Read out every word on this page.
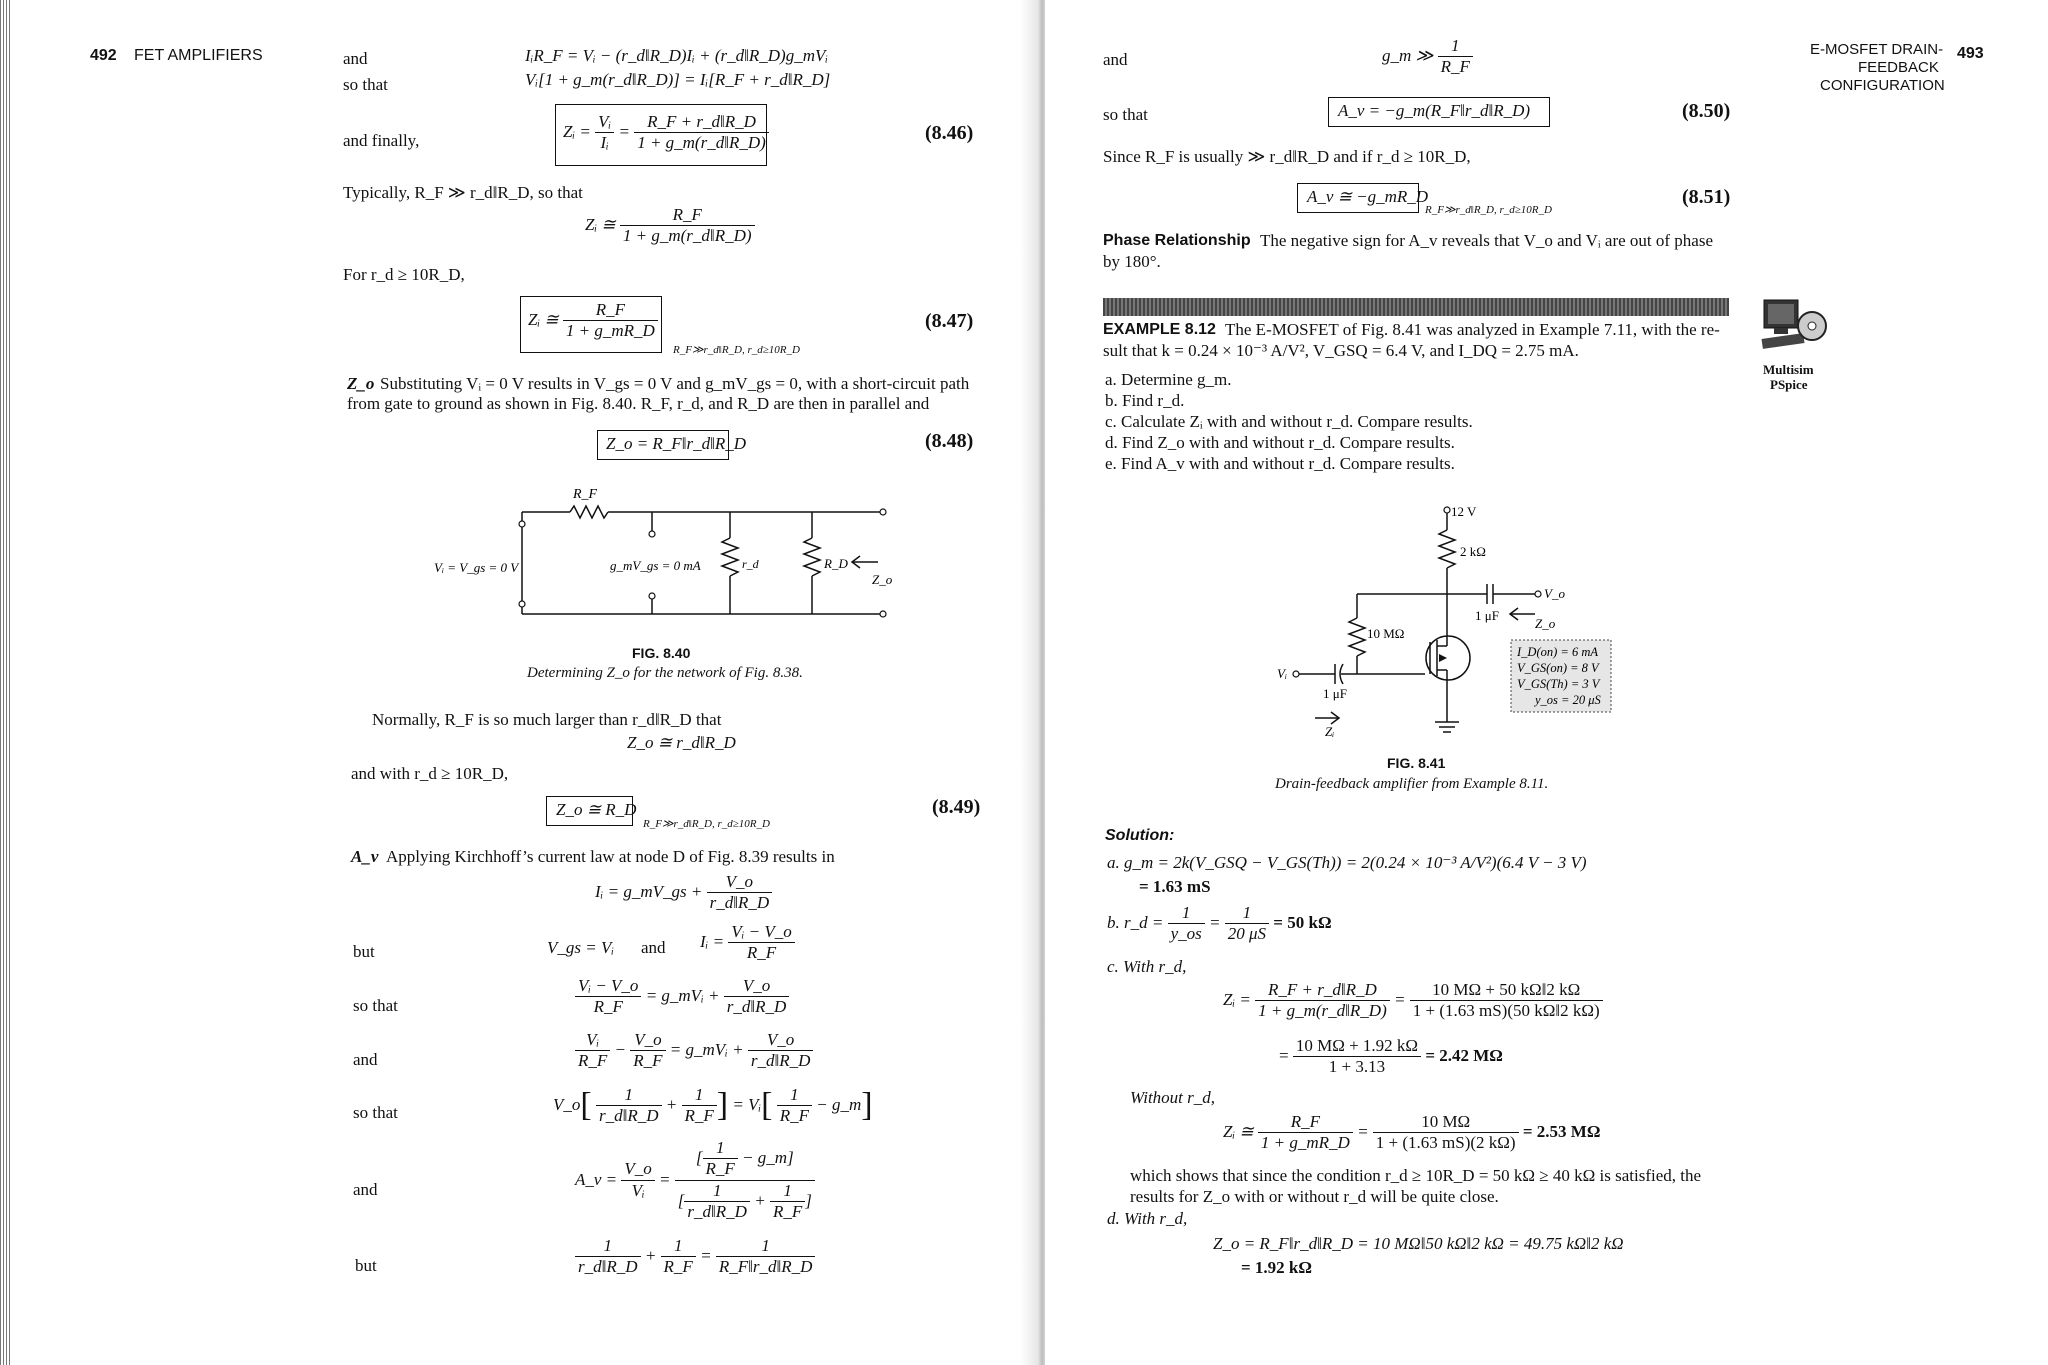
492 FET AMPLIFIERS	and	IᵢR_F = Vᵢ − (r_d‖R_D)Iᵢ + (r_d‖R_D)g_mVᵢ
so that	Vᵢ[1 + g_m(r_d‖R_D)] = Iᵢ[R_F + r_d‖R_D]
and finally,	Zᵢ = $\frac{\text{Vᵢ}}{\text{Iᵢ}} = \frac{R\_F + r\_d‖R\_D}{1 + g\_m(r\_d‖R\_D)}$	(8.46)
Typically, R_F ≫ r_d‖R_D, so that
Zᵢ ≅ $\frac{R\_F}{1 + g\_m(r\_d‖R\_D)}$
For r_d ≥ 10R_D,
Zᵢ ≅ $\frac{R\_F}{1 + g\_mR\_D}$
R_F≫r_d‖R_D, r_d≥10R_D
(8.47)
Z_o Substituting Vᵢ = 0 V results in V_gs = 0 V and g_mV_gs = 0, with a short-circuit path
from gate to ground as shown in Fig. 8.40. R_F, r_d, and R_D are then in parallel and
Z_o = R_F‖r_d‖R_D	(8.48)
R_F
Vᵢ = V_gs = 0 V	g_mV_gs = 0 mA	r_d	R_D
Z_o
FIG. 8.40
Determining Z_o for the network of Fig. 8.38.
Normally, R_F is so much larger than r_d‖R_D that
Z_o ≅ r_d‖R_D
and with r_d ≥ 10R_D,
Z_o ≅ R_D
R_F≫r_d‖R_D, r_d≥10R_D
(8.49)
A_v Applying Kirchhoff’s current law at node D of Fig. 8.39 results in
Iᵢ = g_mV_gs + $\frac{V\_o}{r\_d‖R\_D}$
but	V_gs = Vᵢ and Iᵢ = $\frac{\text{Vᵢ − V\_o}}{R\_F}$
so that	$\frac{\text{Vᵢ − V\_o}}{R\_F}$ = g_mVᵢ + $\frac{V\_o}{r\_d‖R\_D}$
and	$\frac{\text{Vᵢ}}{R\_F} - \frac{V\_o}{R\_F}$ = g_mVᵢ + $\frac{V\_o}{r\_d‖R\_D}$
so that	V_o[ $\frac{1}{r\_d‖R\_D} + \frac{1}{R\_F}$ ] = Vᵢ[ $\frac{1}{R\_F}$ − g_m]
and
A_v = $\frac{V\_o}{\text{Vᵢ}} = \frac{[ \frac{1}{R\_F} - g\_m]}{[ \frac{1}{r\_d‖R\_D} + \frac{1}{R\_F} ]}$
but	$\frac{1}{r\_d‖R\_D} + \frac{1}{R\_F} = \frac{1}{R\_F‖r\_d‖R\_D}$
E-MOSFET DRAIN-
FEEDBACK
CONFIGURATION
493
and	g_m ≫ $\frac{1}{R\_F}$
so that	A_v = −g_m(R_F‖r_d‖R_D)	(8.50)
Since R_F is usually ≫ r_d‖R_D and if r_d ≥ 10R_D,
A_v ≅ −g_mR_D
R_F≫r_d‖R_D, r_d≥10R_D
(8.51)
Phase Relationship The negative sign for A_v reveals that V_o and Vᵢ are out of phase
by 180°.
EXAMPLE 8.12 The E-MOSFET of Fig. 8.41 was analyzed in Example 7.11, with the re-
sult that k = 0.24 × 10⁻³ A/V², V_GSQ = 6.4 V, and I_DQ = 2.75 mA.
a. Determine g_m.
b. Find r_d.
c. Calculate Zᵢ with and without r_d. Compare results.
d. Find Z_o with and without r_d. Compare results.
e. Find A_v with and without r_d. Compare results.
Multisim
PSpice
12 V
2 kΩ
10 MΩ
1 μF
V_o
Z_o
Vᵢ
1 μF
Zᵢ
I_D(on) = 6 mA
V_GS(on) = 8 V
V_GS(Th) = 3 V
y_os = 20 μS
FIG. 8.41
Drain-feedback amplifier from Example 8.11.
Solution:
a. g_m = 2k(V_GSQ − V_GS(Th)) = 2(0.24 × 10⁻³ A/V²)(6.4 V − 3 V)
= 1.63 mS
b. r_d = $\frac{1}{y\_os} = \frac{1}{20 \mu S} = 50$ kΩ
c. With r_d,
Zᵢ = $\frac{R\_F + r\_d‖R\_D}{1 + g\_m(r\_d‖R\_D)} = \frac{10 M\Omega + 50 k\Omega‖2 k\Omega}{1 + (1.63 mS)(50 k\Omega‖2 k\Omega)}$
= $\frac{10 M\Omega + 1.92 k\Omega}{1 + 3.13} = 2.42$ MΩ
Without r_d,
Zᵢ ≅ $\frac{R\_F}{1 + g\_mR\_D} = \frac{10 M\Omega}{1 + (1.63 mS)(2 k\Omega)} = 2.53$ MΩ
which shows that since the condition r_d ≥ 10R_D = 50 kΩ ≥ 40 kΩ is satisfied, the
results for Z_o with or without r_d will be quite close.
d. With r_d,
Z_o = R_F‖r_d‖R_D = 10 MΩ‖50 kΩ‖2 kΩ = 49.75 kΩ‖2 kΩ
= 1.92 kΩ
